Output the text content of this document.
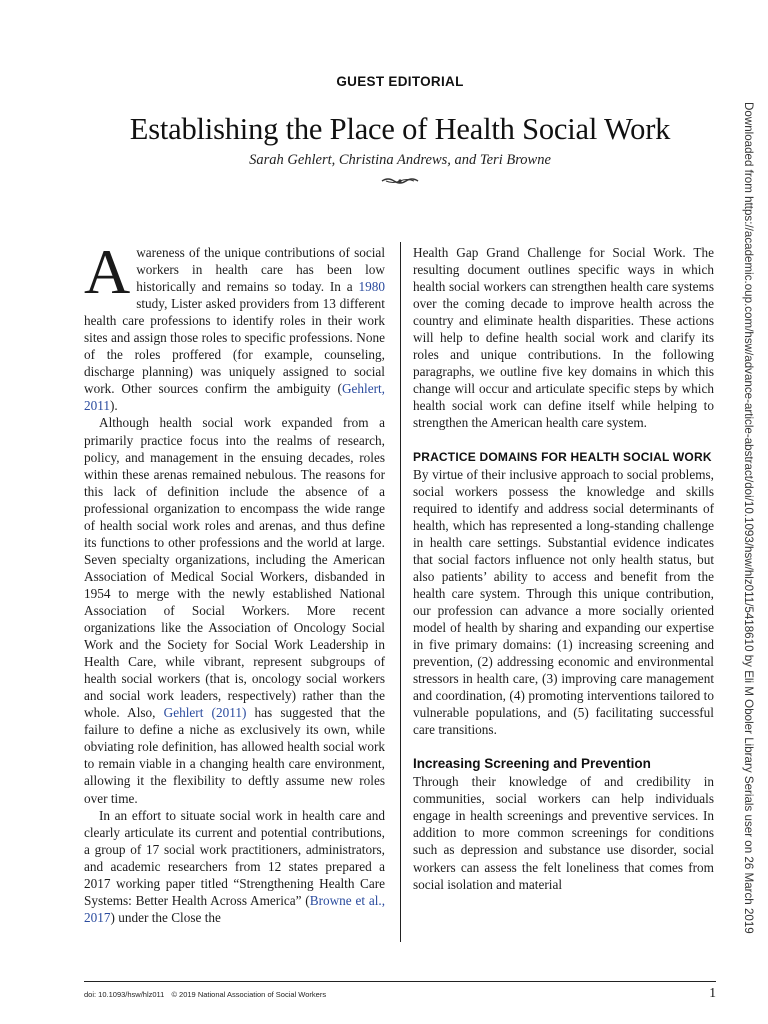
GUEST EDITORIAL
Establishing the Place of Health Social Work
Sarah Gehlert, Christina Andrews, and Teri Browne

Awareness of the unique contributions of social workers in health care has been low historically and remains so today. In a 1980 study, Lister asked providers from 13 different health care professions to identify roles in their work sites and assign those roles to specific professions. None of the roles proffered (for example, counseling, discharge planning) was uniquely assigned to social work. Other sources confirm the ambiguity (Gehlert, 2011).

Although health social work expanded from a primarily practice focus into the realms of research, policy, and management in the ensuing decades, roles within these arenas remained nebulous. The reasons for this lack of definition include the absence of a professional organization to encompass the wide range of health social work roles and arenas, and thus define its functions to other professions and the world at large. Seven specialty organizations, including the American Association of Medical Social Workers, disbanded in 1954 to merge with the newly established National Association of Social Workers. More recent organizations like the Association of Oncology Social Work and the Society for Social Work Leadership in Health Care, while vibrant, represent subgroups of health social workers (that is, oncology social workers and social work leaders, respectively) rather than the whole. Also, Gehlert (2011) has suggested that the failure to define a niche as exclusively its own, while obviating role definition, has allowed health social work to remain viable in a changing health care environment, allowing it the flexibility to deftly assume new roles over time.

In an effort to situate social work in health care and clearly articulate its current and potential contributions, a group of 17 social work practitioners, administrators, and academic researchers from 12 states prepared a 2017 working paper titled “Strengthening Health Care Systems: Better Health Across America” (Browne et al., 2017) under the Close the

Health Gap Grand Challenge for Social Work. The resulting document outlines specific ways in which health social workers can strengthen health care systems over the coming decade to improve health across the country and eliminate health disparities. These actions will help to define health social work and clarify its roles and unique contributions. In the following paragraphs, we outline five key domains in which this change will occur and articulate specific steps by which health social work can define itself while helping to strengthen the American health care system.

PRACTICE DOMAINS FOR HEALTH SOCIAL WORK

By virtue of their inclusive approach to social problems, social workers possess the knowledge and skills required to identify and address social determinants of health, which has represented a long-standing challenge in health care settings. Substantial evidence indicates that social factors influence not only health status, but also patients’ ability to access and benefit from the health care system. Through this unique contribution, our profession can advance a more socially oriented model of health by sharing and expanding our expertise in five primary domains: (1) increasing screening and prevention, (2) addressing economic and environmental stressors in health care, (3) improving care management and coordination, (4) promoting interventions tailored to vulnerable populations, and (5) facilitating successful care transitions.

Increasing Screening and Prevention

Through their knowledge of and credibility in communities, social workers can help individuals engage in health screenings and preventive services. In addition to more common screenings for conditions such as depression and substance use disorder, social workers can assess the felt loneliness that comes from social isolation and material	Downloaded from https://academic.oup.com/hsw/advance-article-abstract/doi/10.1093/hsw/hlz011/5418610 by Eli M Oboler Library Serials user on 26 March 2019
doi: 10.1093/hsw/hlz011 © 2019 National Association of Social Workers	1
